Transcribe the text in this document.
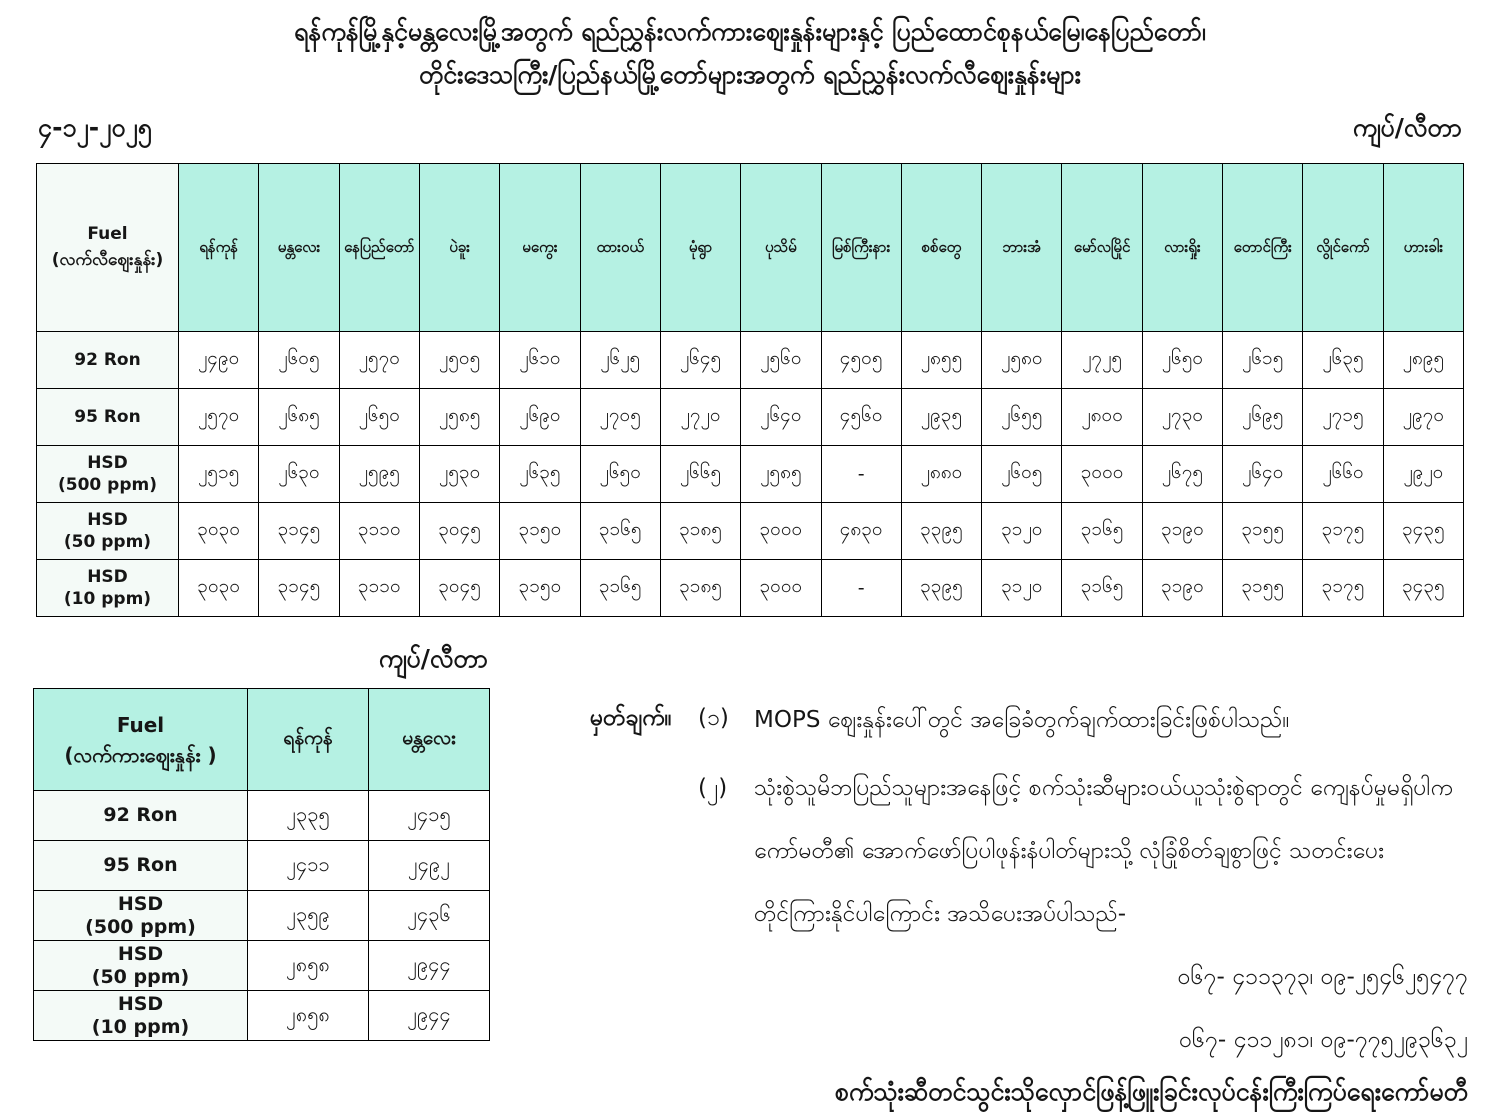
ရန်ကုန်မြို့နှင့်မန္တလေးမြို့အတွက် ရည်ညွှန်းလက်ကားဈေးနှုန်းများနှင့် ပြည်ထောင်စုနယ်မြေ၊နေပြည်တော်၊
တိုင်းဒေသကြီး/ပြည်နယ်မြို့တော်များအတွက် ရည်ညွှန်းလက်လီဈေးနှုန်းများ
၄-၁၂-၂၀၂၅	ကျပ်/လီတာ
Fuel
(လက်လီဈေးနှုန်း)	ရန်ကုန်	မန္တလေး	နေပြည်တော်	ပဲခူး	မကွေး	ထားဝယ်	မုံရွာ	ပုသိမ်	မြစ်ကြီးနား	စစ်တွေ	ဘားအံ	မော်လမြိုင်	လားရှိုး	တောင်ကြီး	လွိုင်ကော်	ဟားခါး

92 Ron	၂၄၉၀	၂၆၀၅	၂၅၇၀	၂၅၀၅	၂၆၁၀	၂၆၂၅	၂၆၄၅	၂၅၆၀	၄၅၀၅	၂၈၅၅	၂၅၈၀	၂၇၂၅	၂၆၅၀	၂၆၁၅	၂၆၃၅	၂၈၉၅

95 Ron	၂၅၇၀	၂၆၈၅	၂၆၅၀	၂၅၈၅	၂၆၉၀	၂၇၀၅	၂၇၂၀	၂၆၄၀	၄၅၆၀	၂၉၃၅	၂၆၅၅	၂၈၀၀	၂၇၃၀	၂၆၉၅	၂၇၁၅	၂၉၇၀

HSD
(500 ppm)	၂၅၁၅	၂၆၃၀	၂၅၉၅	၂၅၃၀	၂၆၃၅	၂၆၅၀	၂၆၆၅	၂၅၈၅	-	၂၈၈၀	၂၆၀၅	၃၀၀၀	၂၆၇၅	၂၆၄၀	၂၆၆၀	၂၉၂၀

HSD
(50 ppm)	၃၀၃၀	၃၁၄၅	၃၁၁၀	၃၀၄၅	၃၁၅၀	၃၁၆၅	၃၁၈၅	၃၀၀၀	၄၈၃၀	၃၃၉၅	၃၁၂၀	၃၁၆၅	၃၁၉၀	၃၁၅၅	၃၁၇၅	၃၄၃၅

HSD
(10 ppm)	၃၀၃၀	၃၁၄၅	၃၁၁၀	၃၀၄၅	၃၁၅၀	၃၁၆၅	၃၁၈၅	၃၀၀၀	-	၃၃၉၅	၃၁၂၀	၃၁၆၅	၃၁၉၀	၃၁၅၅	၃၁၇၅	၃၄၃၅
ကျပ်/လီတာ
Fuel
(လက်ကားဈေးနှုန်း )	ရန်ကုန်	မန္တလေး

92 Ron	၂၃၃၅	၂၄၁၅

95 Ron	၂၄၁၁	၂၄၉၂

HSD
(500 ppm)	၂၃၅၉	၂၄၃၆

HSD
(50 ppm)	၂၈၅၈	၂၉၄၄

HSD
(10 ppm)	၂၈၅၈	၂၉၄၄
မှတ်ချက်။	(၁)	MOPS ဈေးနှုန်းပေါ်တွင် အခြေခံတွက်ချက်ထားခြင်းဖြစ်ပါသည်။
(၂)	သုံးစွဲသူမိဘပြည်သူများအနေဖြင့် စက်သုံးဆီများဝယ်ယူသုံးစွဲရာတွင် ကျေနပ်မှုမရှိပါက
ကော်မတီ၏ အောက်ဖော်ပြပါဖုန်းနံပါတ်များသို့ လုံခြုံစိတ်ချစွာဖြင့် သတင်းပေး
တိုင်ကြားနိုင်ပါကြောင်း အသိပေးအပ်ပါသည်-
၀၆၇- ၄၁၁၃၇၃၊ ၀၉-၂၅၄၆၂၅၄၇၇
၀၆၇- ၄၁၁၂၈၁၊ ၀၉-၇၇၅၂၉၃၆၃၂
စက်သုံးဆီတင်သွင်းသိုလှောင်ဖြန့်ဖြူးခြင်းလုပ်ငန်းကြီးကြပ်ရေးကော်မတီ
